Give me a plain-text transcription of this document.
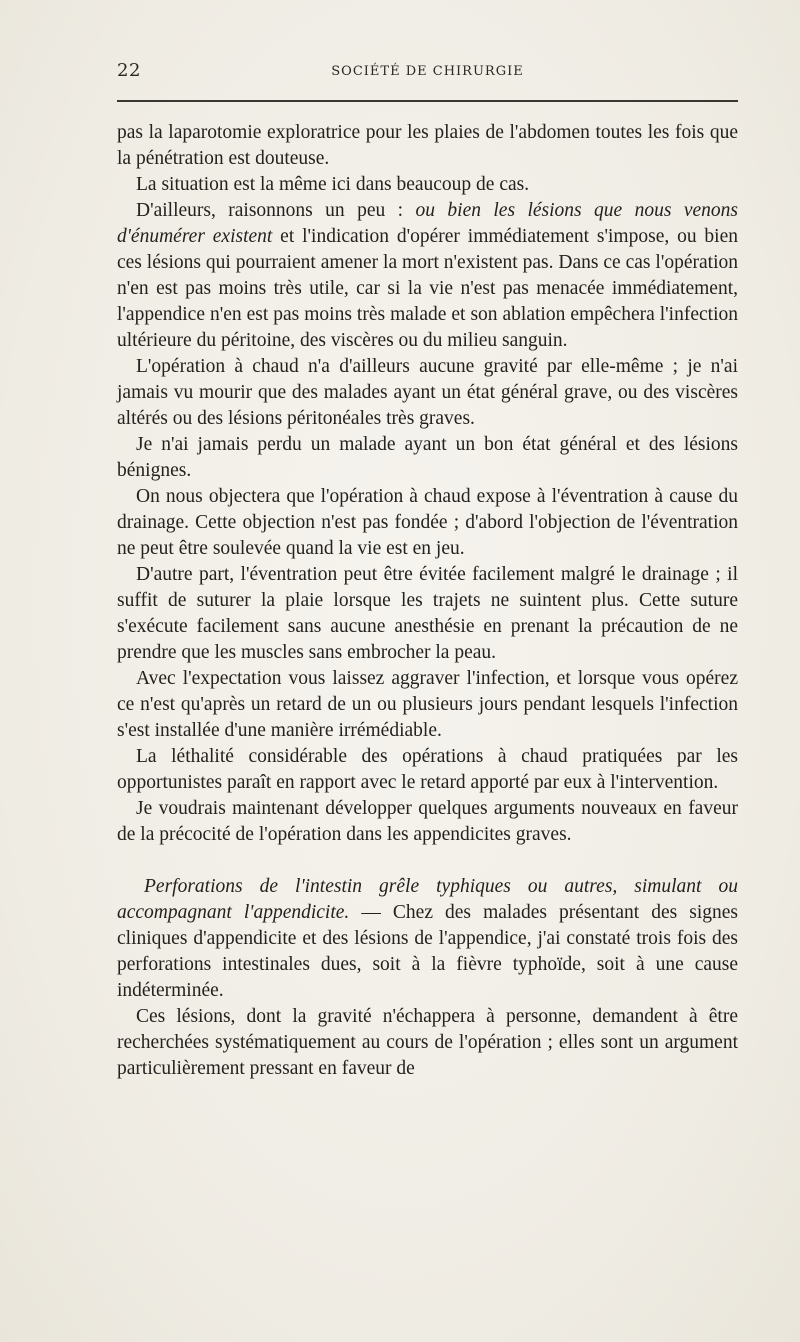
22	SOCIÉTÉ DE CHIRURGIE

pas la laparotomie exploratrice pour les plaies de l'abdomen toutes les fois que la pénétration est douteuse.

La situation est la même ici dans beaucoup de cas.

D'ailleurs, raisonnons un peu : ou bien les lésions que nous venons d'énumérer existent et l'indication d'opérer immédiatement s'impose, ou bien ces lésions qui pourraient amener la mort n'existent pas. Dans ce cas l'opération n'en est pas moins très utile, car si la vie n'est pas menacée immédiatement, l'appendice n'en est pas moins très malade et son ablation empêchera l'infection ultérieure du péritoine, des viscères ou du milieu sanguin.

L'opération à chaud n'a d'ailleurs aucune gravité par elle-même ; je n'ai jamais vu mourir que des malades ayant un état général grave, ou des viscères altérés ou des lésions péritonéales très graves.

Je n'ai jamais perdu un malade ayant un bon état général et des lésions bénignes.

On nous objectera que l'opération à chaud expose à l'éventration à cause du drainage. Cette objection n'est pas fondée ; d'abord l'objection de l'éventration ne peut être soulevée quand la vie est en jeu.

D'autre part, l'éventration peut être évitée facilement malgré le drainage ; il suffit de suturer la plaie lorsque les trajets ne suintent plus. Cette suture s'exécute facilement sans aucune anesthésie en prenant la précaution de ne prendre que les muscles sans embrocher la peau.

Avec l'expectation vous laissez aggraver l'infection, et lorsque vous opérez ce n'est qu'après un retard de un ou plusieurs jours pendant lesquels l'infection s'est installée d'une manière irrémédiable.

La léthalité considérable des opérations à chaud pratiquées par les opportunistes paraît en rapport avec le retard apporté par eux à l'intervention.

Je voudrais maintenant développer quelques arguments nouveaux en faveur de la précocité de l'opération dans les appendicites graves.

Perforations de l'intestin grêle typhiques ou autres, simulant ou accompagnant l'appendicite. — Chez des malades présentant des signes cliniques d'appendicite et des lésions de l'appendice, j'ai constaté trois fois des perforations intestinales dues, soit à la fièvre typhoïde, soit à une cause indéterminée.

Ces lésions, dont la gravité n'échappera à personne, demandent à être recherchées systématiquement au cours de l'opération ; elles sont un argument particulièrement pressant en faveur de
